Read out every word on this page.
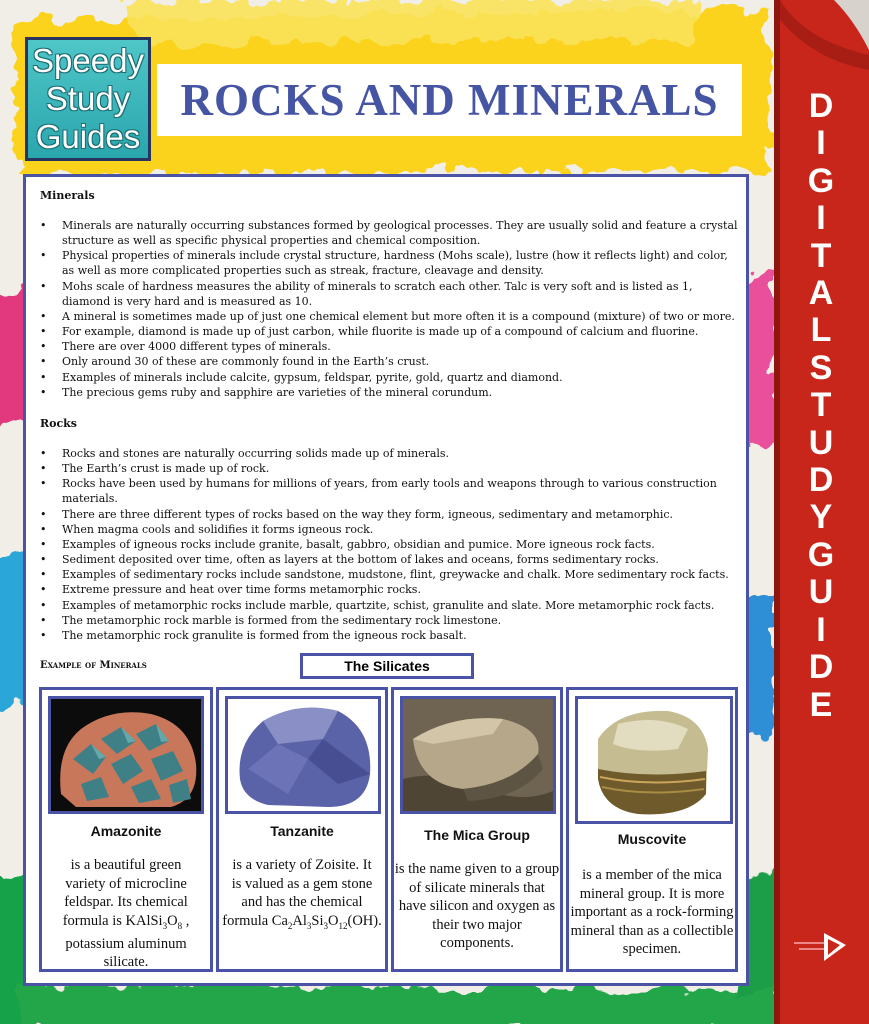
Speedy
Study
Guides
ROCKS AND MINERALS	D
I
G
I
T
A
L
S
T
U
D
Y
G
U
I
D
E
Minerals
• Minerals are naturally occurring substances formed by geological processes. They are usually solid and feature a crystal structure as well as specific physical properties and chemical composition.
• Physical properties of minerals include crystal structure, hardness (Mohs scale), lustre (how it reflects light) and color, as well as more complicated properties such as streak, fracture, cleavage and density.
• Mohs scale of hardness measures the ability of minerals to scratch each other. Talc is very soft and is listed as 1, diamond is very hard and is measured as 10.
• A mineral is sometimes made up of just one chemical element but more often it is a compound (mixture) of two or more.
• For example, diamond is made up of just carbon, while fluorite is made up of a compound of calcium and fluorine.
• There are over 4000 different types of minerals.
• Only around 30 of these are commonly found in the Earth’s crust.
• Examples of minerals include calcite, gypsum, feldspar, pyrite, gold, quartz and diamond.
• The precious gems ruby and sapphire are varieties of the mineral corundum.
Rocks
• Rocks and stones are naturally occurring solids made up of minerals.
• The Earth’s crust is made up of rock.
• Rocks have been used by humans for millions of years, from early tools and weapons through to various construction materials.
• There are three different types of rocks based on the way they form, igneous, sedimentary and metamorphic.
• When magma cools and solidifies it forms igneous rock.
• Examples of igneous rocks include granite, basalt, gabbro, obsidian and pumice. More igneous rock facts.
• Sediment deposited over time, often as layers at the bottom of lakes and oceans, forms sedimentary rocks.
• Examples of sedimentary rocks include sandstone, mudstone, flint, greywacke and chalk. More sedimentary rock facts.
• Extreme pressure and heat over time forms metamorphic rocks.
• Examples of metamorphic rocks include marble, quartzite, schist, granulite and slate. More metamorphic rock facts.
• The metamorphic rock marble is formed from the sedimentary rock limestone.
• The metamorphic rock granulite is formed from the igneous rock basalt.
Example of Minerals	The Silicates
Amazonite
is a beautiful green
variety of microcline
feldspar. Its chemical
formula is $KAlSi_3O_8$ ,
potassium aluminum
silicate.
Tanzanite
is a variety of Zoisite. It
is valued as a gem stone
and has the chemical
formula $Ca_2Al_3Si_3O_{12}(OH)$.
The Mica Group
is the name given to a group of silicate minerals that have silicon and oxygen as their two major components.
Muscovite
is a member of the mica mineral group. It is more important as a rock-forming mineral than as a collectible specimen.
